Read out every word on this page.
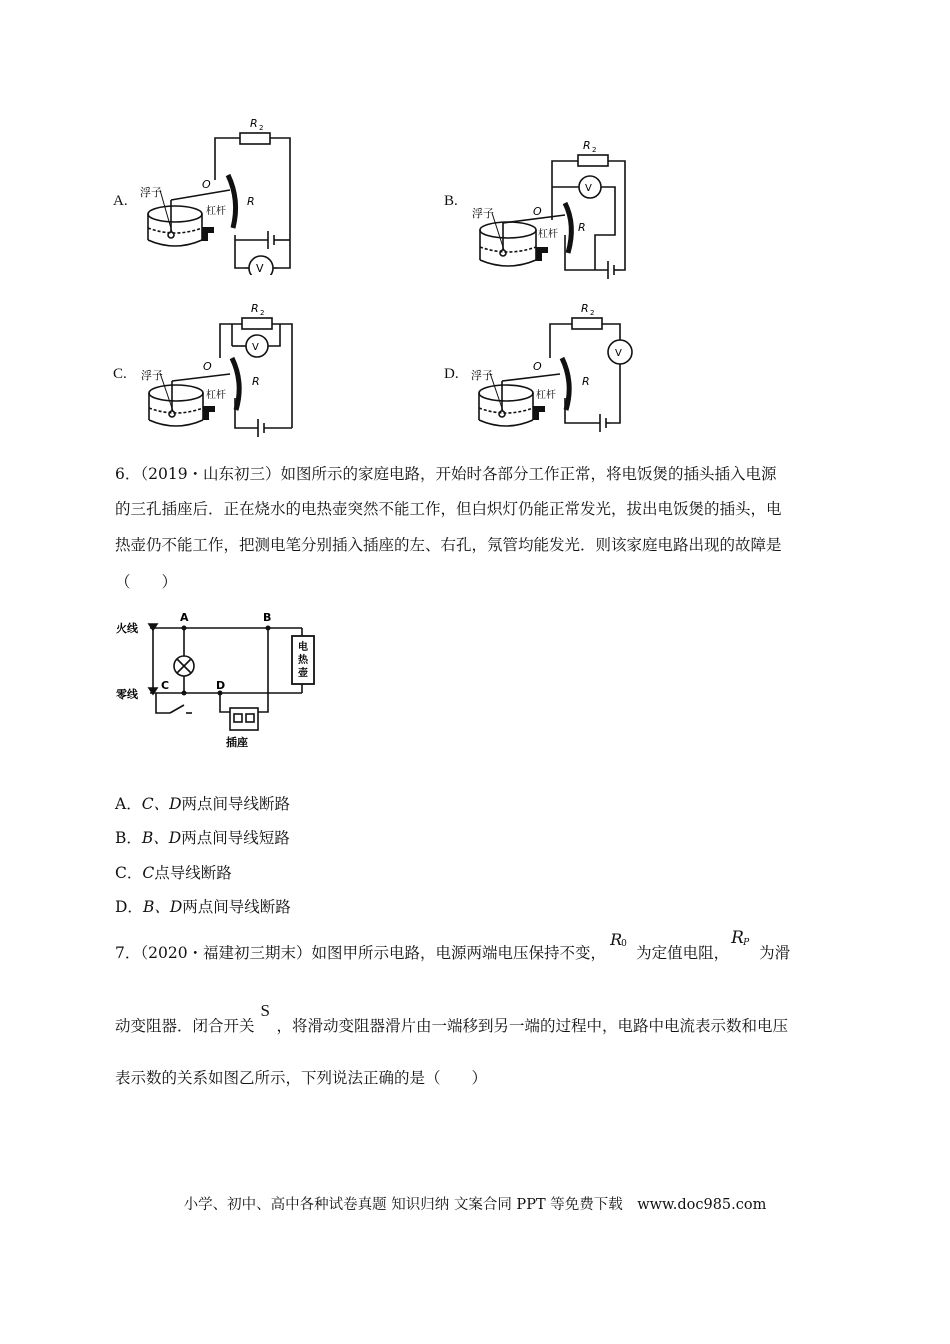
A.
R 2
O
R
浮子
杠杆
V
B.
R 2
O
R
浮子
杠杆
V
C.
R 2
O
R
浮子
杠杆
V
D.
R 2
O
R
浮子
杠杆
V
6．（2019・山东初三）如图所示的家庭电路，开始时各部分工作正常，将电饭煲的插头插入电源
的三孔插座后．正在烧水的电热壶突然不能工作，但白炽灯仍能正常发光，拔出电饭煲的插头，电
热壶仍不能工作，把测电笔分别插入插座的左、右孔，氖管均能发光．则该家庭电路出现的故障是
（　　）
火线
零线
A	B
C	D
插座
电热壶
A．C、D两点间导线断路
B．B、D两点间导线短路
C．C点导线断路
D．B、D两点间导线断路
7．（2020・福建初三期末）如图甲所示电路，电源两端电压保持不变，
R
0 为定值电阻，
R P
为滑
动变阻器．闭合开关
S
，将滑动变阻器滑片由一端移到另一端的过程中，电路中电流表示数和电压
表示数的关系如图乙所示，下列说法正确的是（　　）
小学、初中、高中各种试卷真题 知识归纳 文案合同 PPT 等免费下载　www.doc985.com
